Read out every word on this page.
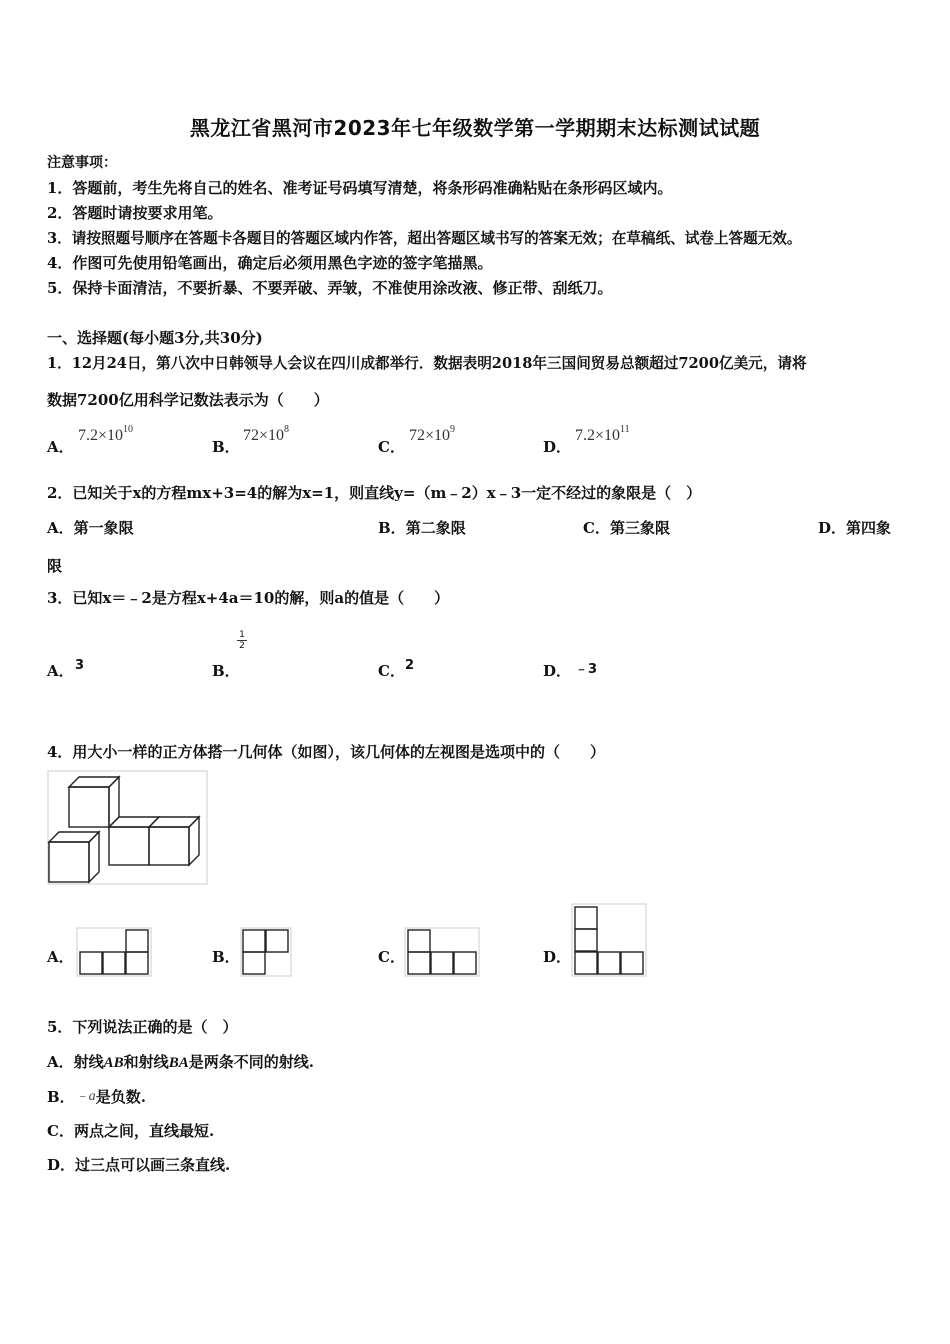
黑龙江省黑河市2023年七年级数学第一学期期末达标测试试题
注意事项：
1．答题前，考生先将自己的姓名、准考证号码填写清楚，将条形码准确粘贴在条形码区域内。
2．答题时请按要求用笔。
3．请按照题号顺序在答题卡各题目的答题区域内作答，超出答题区域书写的答案无效；在草稿纸、试卷上答题无效。
4．作图可先使用铅笔画出，确定后必须用黑色字迹的签字笔描黑。
5．保持卡面清洁，不要折暴、不要弄破、弄皱，不准使用涂改液、修正带、刮纸刀。
一、选择题(每小题3分,共30分)
1．12月24日，第八次中日韩领导人会议在四川成都举行．数据表明2018年三国间贸易总额超过7200亿美元，请将
数据7200亿用科学记数法表示为（　　）
A．
$7.2\times 10^{10}$
B．
$72\times 10^8$
C．
$72\times 10^9$
D．
$7.2\times 10^{11}$
2．已知关于x的方程mx+3=4的解为x=1，则直线y=（m﹣2）x﹣3一定不经过的象限是（　）
A．第一象限	B．第二象限	C．第三象限	D．第四象
限
3．已知x＝﹣2是方程x+4a＝10的解，则a的值是（　　）
A． 3	B．
1
2
C． 2	D． ﹣3
4．用大小一样的正方体搭一几何体（如图），该几何体的左视图是选项中的（　　）
A．	B．	C．	D．
5．下列说法正确的是（　）
A．射线AB和射线BA是两条不同的射线.
B．﹣a是负数.
C．两点之间，直线最短.
D．过三点可以画三条直线.
